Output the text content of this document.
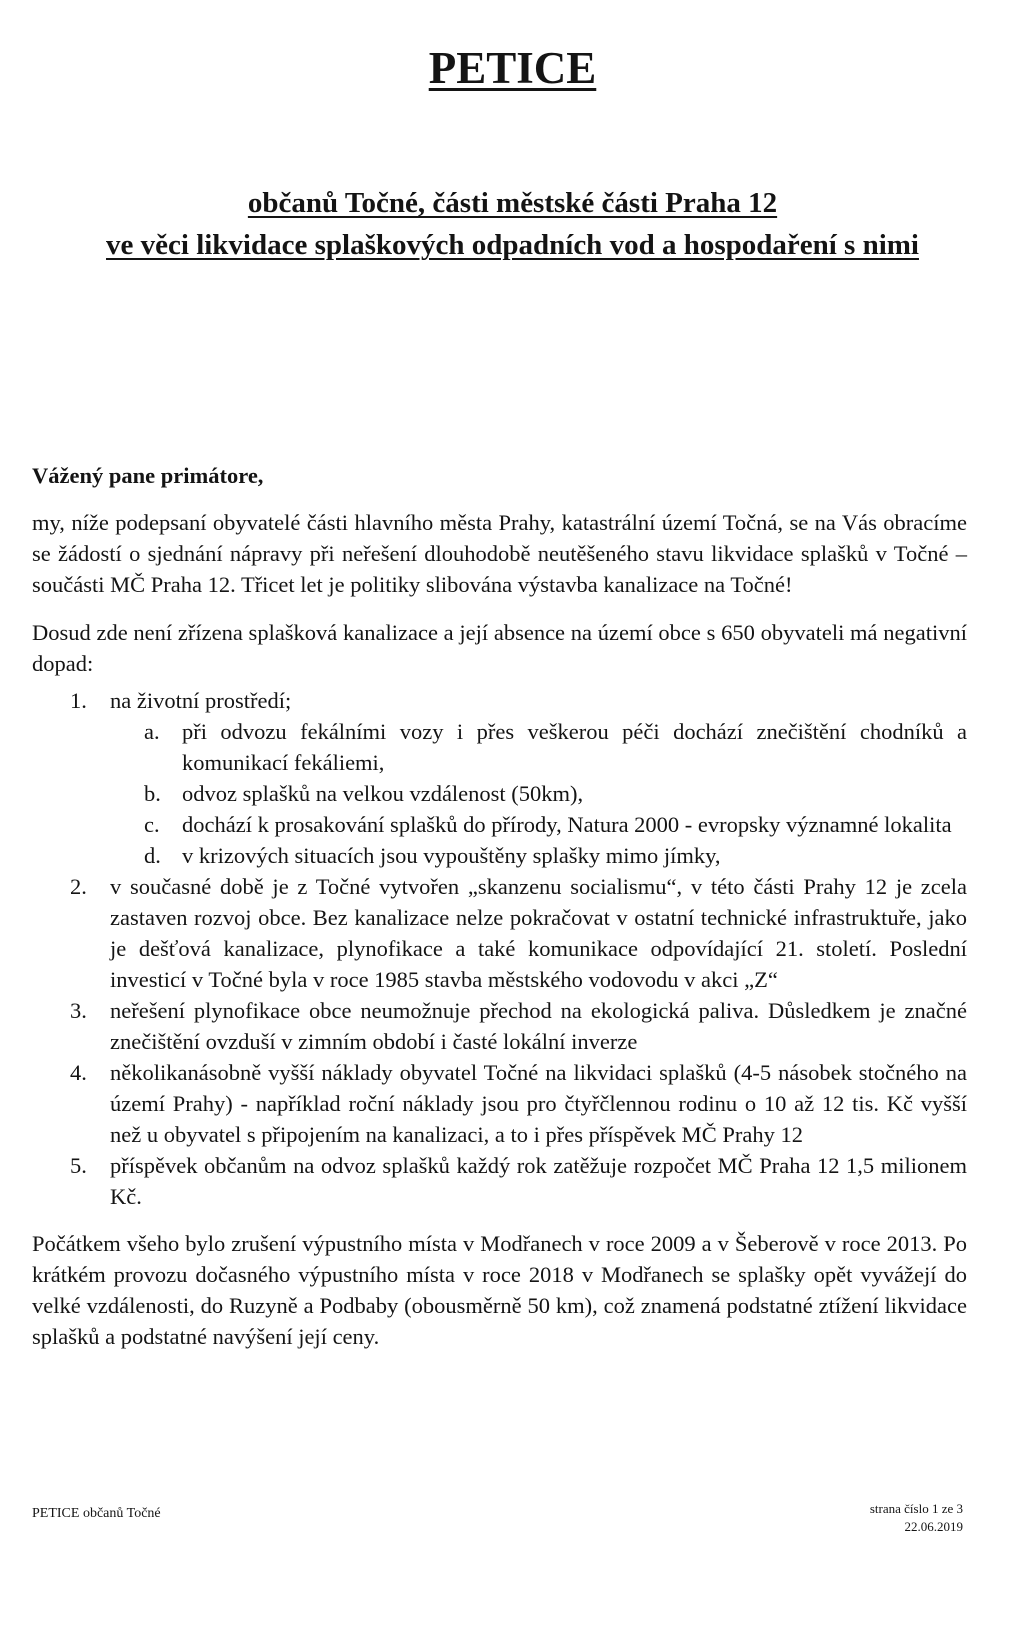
PETICE
občanů Točné, části městské části Praha 12
ve věci likvidace splaškových odpadních vod a hospodaření s nimi
Vážený pane primátore,

my, níže podepsaní obyvatelé části hlavního města Prahy, katastrální území Točná, se na Vás obracíme se žádostí o sjednání nápravy při neřešení dlouhodobě neutěšeného stavu likvidace splašků v Točné – součásti MČ Praha 12. Třicet let je politiky slibována výstavba kanalizace na Točné!

Dosud zde není zřízena splašková kanalizace a její absence na území obce s 650 obyvateli má negativní dopad:

1. na životní prostředí;
a. při odvozu fekálními vozy i přes veškerou péči dochází znečištění chodníků a komunikací fekáliemi,
b. odvoz splašků na velkou vzdálenost (50km),
c. dochází k prosakování splašků do přírody, Natura 2000 - evropsky významné lokalita
d. v krizových situacích jsou vypouštěny splašky mimo jímky,
2. v současné době je z Točné vytvořen „skanzenu socialismu“, v této části Prahy 12 je zcela zastaven rozvoj obce. Bez kanalizace nelze pokračovat v ostatní technické infrastruktuře, jako je dešťová kanalizace, plynofikace a také komunikace odpovídající 21. století. Poslední investicí v Točné byla v roce 1985 stavba městského vodovodu v akci „Z“
3. neřešení plynofikace obce neumožnuje přechod na ekologická paliva. Důsledkem je značné znečištění ovzduší v zimním období i časté lokální inverze
4. několikanásobně vyšší náklady obyvatel Točné na likvidaci splašků (4-5 násobek stočného na území Prahy) - například roční náklady jsou pro čtyřčlennou rodinu o 10 až 12 tis. Kč vyšší než u obyvatel s připojením na kanalizaci, a to i přes příspěvek MČ Prahy 12
5. příspěvek občanům na odvoz splašků každý rok zatěžuje rozpočet MČ Praha 12 1,5 milionem Kč.

Počátkem všeho bylo zrušení výpustního místa v Modřanech v roce 2009 a v Šeberově v roce 2013. Po krátkém provozu dočasného výpustního místa v roce 2018 v Modřanech se splašky opět vyvážejí do velké vzdálenosti, do Ruzyně a Podbaby (obousměrně 50 km), což znamená podstatné ztížení likvidace splašků a podstatné navýšení její ceny.

PETICE občanů Točné	strana číslo 1 ze 3
22.06.2019
